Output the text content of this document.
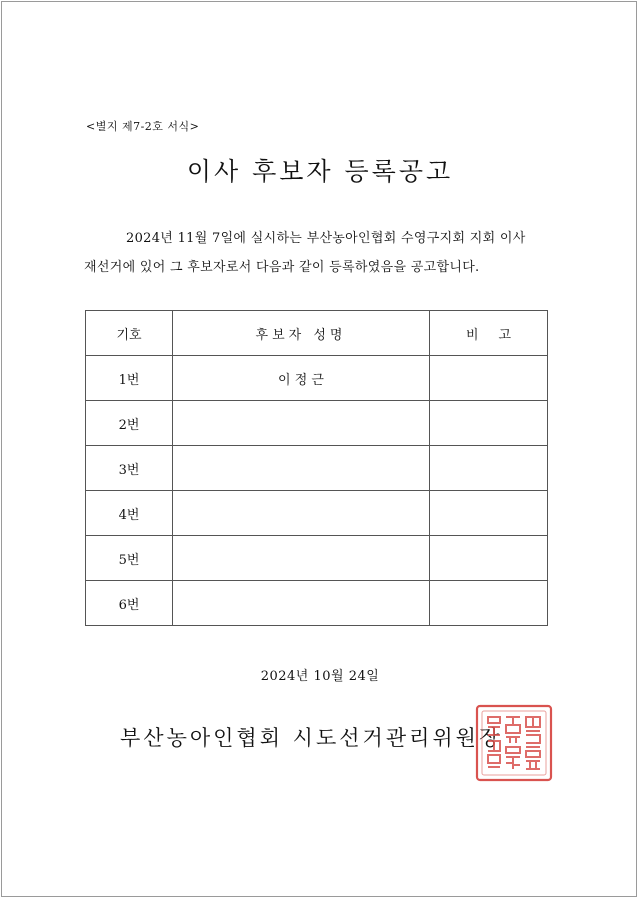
<별지 제7-2호 서식>
이사 후보자 등록공고
2024년 11월 7일에 실시하는 부산농아인협회 수영구지회 지회 이사
재선거에 있어 그 후보자로서 다음과 같이 등록하였음을 공고합니다.
기호	후보자 성명	비 고
1번	이 정 근	
2번		
3번		
4번		
5번		
6번		
2024년 10월 24일
부산농아인협회 시도선거관리위원장
